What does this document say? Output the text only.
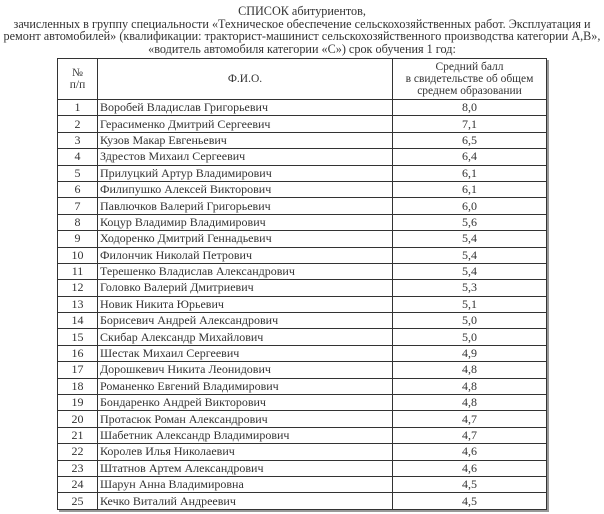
СПИСОК абитуриентов,
зачисленных в группу специальности «Техническое обеспечение сельскохозяйственных работ. Эксплуатация и
ремонт автомобилей» (квалификации: тракторист-машинист сельскохозяйственного производства категории А,В»,
«водитель автомобиля категории «С») срок обучения 1 год:
№
п/п	Ф.И.О.	Средний балл
в свидетельстве об общем
среднем образовании
1	Воробей Владислав Григорьевич	8,0
2	Герасименко Дмитрий Сергеевич	7,1
3	Кузов Макар Евгеньевич	6,5
4	Здрестов Михаил Сергеевич	6,4
5	Прилуцкий Артур Владимирович	6,1
6	Филипушко Алексей Викторович	6,1
7	Павлючков Валерий Григорьевич	6,0
8	Коцур Владимир Владимирович	5,6
9	Ходоренко Дмитрий Геннадьевич	5,4
10	Филончик Николай Петрович	5,4
11	Терешенко Владислав Александрович	5,4
12	Головко Валерий Дмитриевич	5,3
13	Новик Никита Юрьевич	5,1
14	Борисевич Андрей Александрович	5,0
15	Скибар Александр Михайлович	5,0
16	Шестак Михаил Сергеевич	4,9
17	Дорошкевич Никита Леонидович	4,8
18	Романенко Евгений Владимирович	4,8
19	Бондаренко Андрей Викторович	4,8
20	Протасюк Роман Александрович	4,7
21	Шабетник Александр Владимирович	4,7
22	Королев Илья Николаевич	4,6
23	Штатнов Артем Александрович	4,6
24	Шарун Анна Владимировна	4,5
25	Кечко Виталий Андреевич	4,5
